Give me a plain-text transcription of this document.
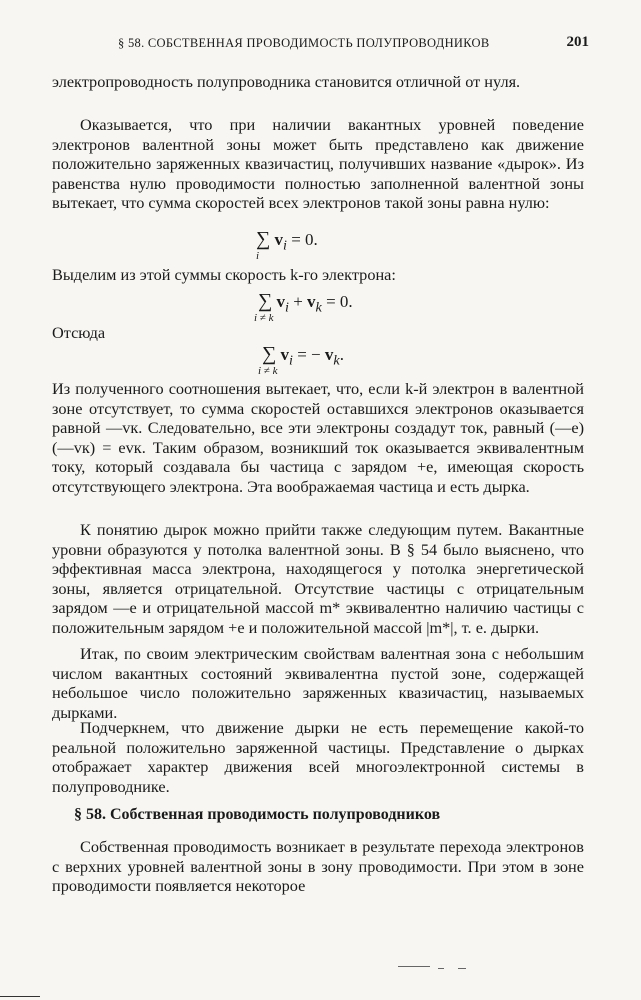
§ 58. СОБСТВЕННАЯ ПРОВОДИМОСТЬ ПОЛУПРОВОДНИКОВ	201

электропроводность полупроводника становится отличной от нуля.

Оказывается, что при наличии вакантных уровней поведение электронов валентной зоны может быть представлено как движение положительно заряженных квазичастиц, получивших название «дырок». Из равенства нулю проводимости полностью заполненной валентной зоны вытекает, что сумма скоростей всех электронов такой зоны равна нулю:

∑
i
$v_i = 0$.

Выделим из этой суммы скорость k-го электрона:

∑
i ≠ k
$v_i + v_k = 0$.

Отсюда

∑
i ≠ k
$v_i$ = − $v_k$.

Из полученного соотношения вытекает, что, если k-й электрон в валентной зоне отсутствует, то сумма скоростей оставшихся электронов оказывается равной —vк. Следовательно, все эти электроны создадут ток, равный (—e)(—vк) = evк. Таким образом, возникший ток оказывается эквивалентным току, который создавала бы частица с зарядом +e, имеющая скорость отсутствующего электрона. Эта воображаемая частица и есть дырка.

К понятию дырок можно прийти также следующим путем. Вакантные уровни образуются у потолка валентной зоны. В § 54 было выяснено, что эффективная масса электрона, находящегося у потолка энергетической зоны, является отрицательной. Отсутствие частицы с отрицательным зарядом —e и отрицательной массой m* эквивалентно наличию частицы с положительным зарядом +e и положительной массой |m*|, т. е. дырки.

Итак, по своим электрическим свойствам валентная зона с небольшим числом вакантных состояний эквивалентна пустой зоне, содержащей небольшое число положительно заряженных квазичастиц, называемых дырками.

Подчеркнем, что движение дырки не есть перемещение какой-то реальной положительно заряженной частицы. Представление о дырках отображает характер движения всей многоэлектронной системы в полупроводнике.

§ 58. Собственная проводимость полупроводников

Собственная проводимость возникает в результате перехода электронов с верхних уровней валентной зоны в зону проводимости. При этом в зоне проводимости появляется некоторое
